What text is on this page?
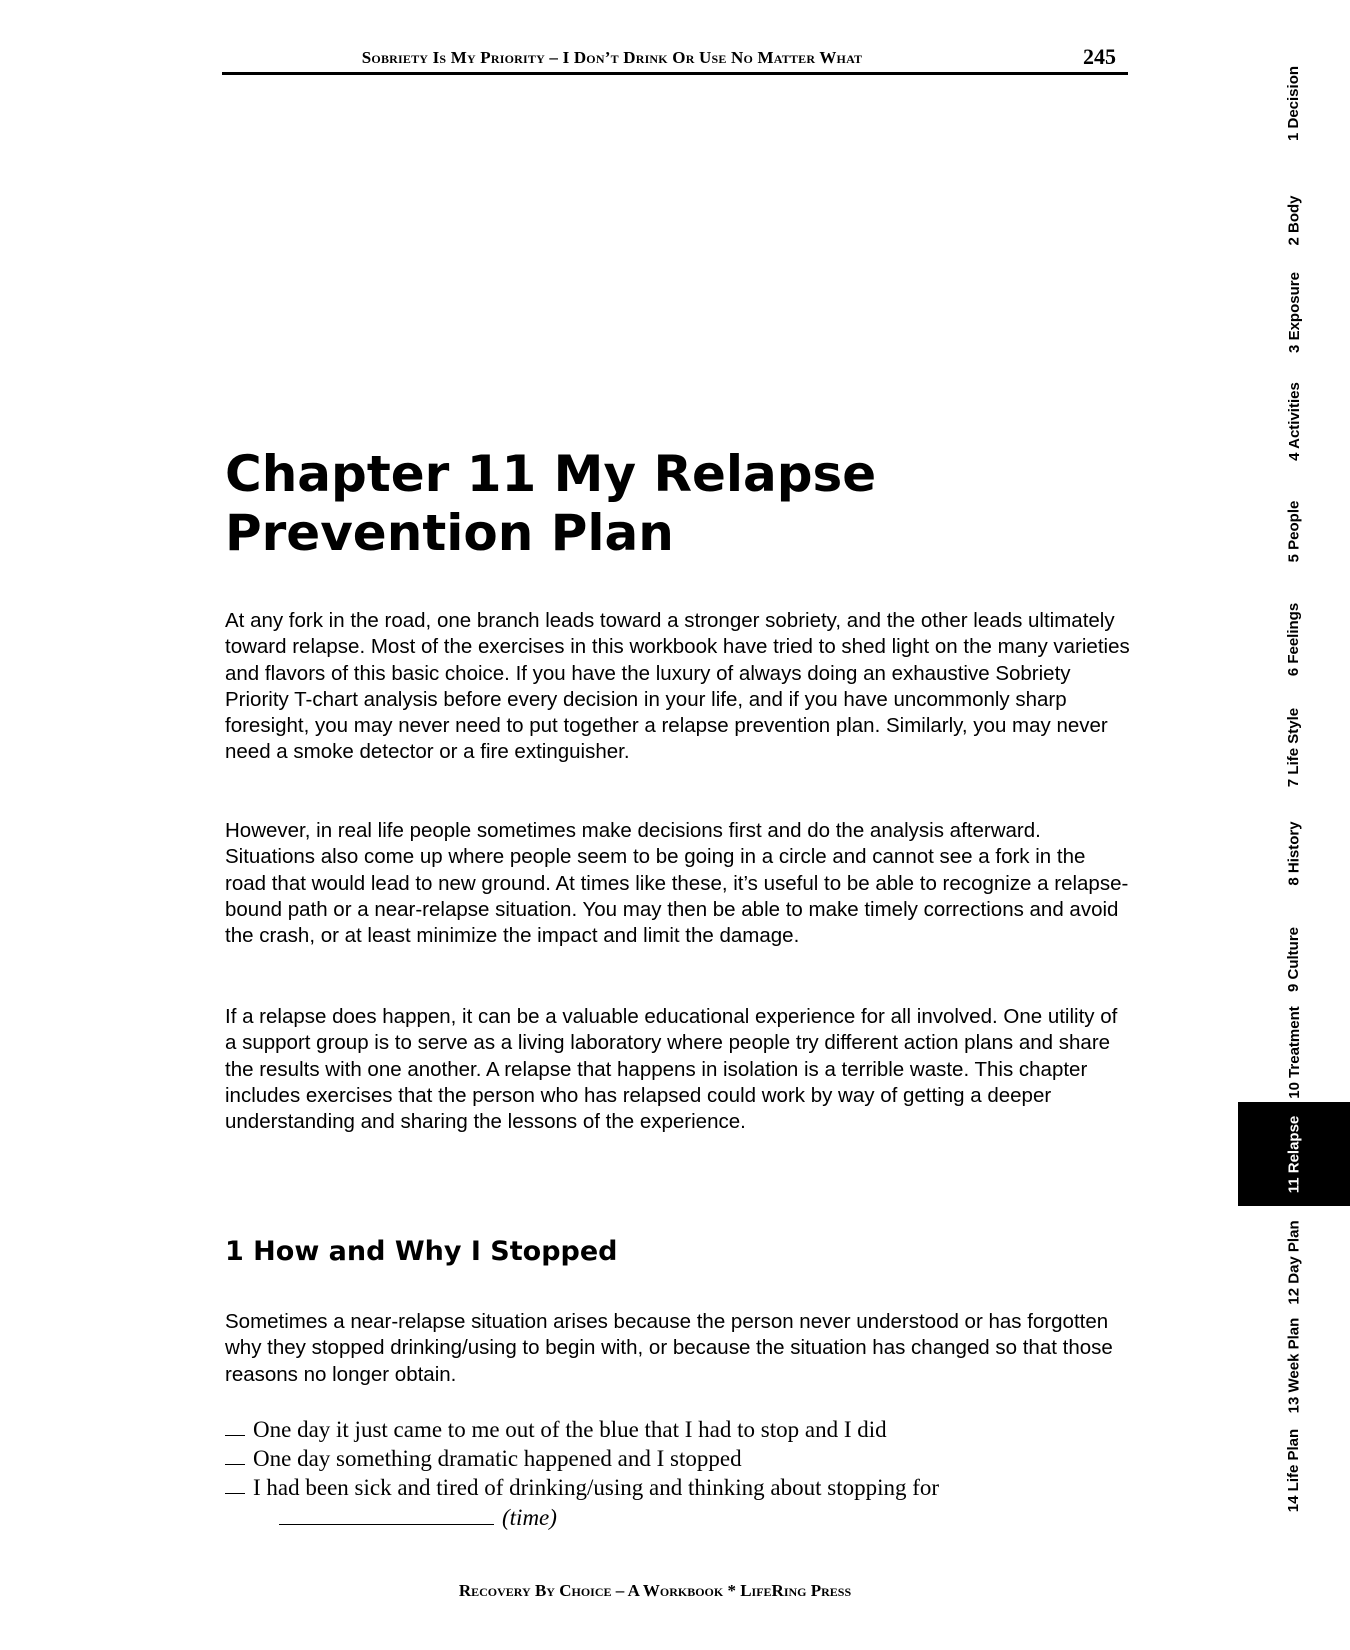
Sobriety Is My Priority – I Don’t Drink Or Use No Matter What	245
Chapter 11 My Relapse
Prevention Plan

At any fork in the road, one branch leads toward a stronger sobriety, and the other leads ultimately toward relapse. Most of the exercises in this workbook have tried to shed light on the many varieties and flavors of this basic choice. If you have the luxury of always doing an exhaustive Sobriety Priority T-chart analysis before every decision in your life, and if you have uncommonly sharp foresight, you may never need to put together a relapse prevention plan. Similarly, you may never need a smoke detector or a fire extinguisher.

However, in real life people sometimes make decisions first and do the analysis afterward. Situations also come up where people seem to be going in a circle and cannot see a fork in the road that would lead to new ground. At times like these, it’s useful to be able to recognize a relapse-bound path or a near-relapse situation. You may then be able to make timely corrections and avoid the crash, or at least minimize the impact and limit the damage.

If a relapse does happen, it can be a valuable educational experience for all involved. One utility of a support group is to serve as a living laboratory where people try different action plans and share the results with one another. A relapse that happens in isolation is a terrible waste. This chapter includes exercises that the person who has relapsed could work by way of getting a deeper understanding and sharing the lessons of the experience.

1 How and Why I Stopped

Sometimes a near-relapse situation arises because the person never understood or has forgotten why they stopped drinking/using to begin with, or because the situation has changed so that those reasons no longer obtain.

One day it just came to me out of the blue that I had to stop and I did
One day something dramatic happened and I stopped
I had been sick and tired of drinking/using and thinking about stopping for
(time)
Recovery By Choice – A Workbook * LifeRing Press
1 Decision
2 Body
3 Exposure
4 Activities
5 People
6 Feelings
7 Life Style
8 History
9 Culture
10 Treatment
11 Relapse
12 Day Plan
13 Week Plan
14 Life Plan
